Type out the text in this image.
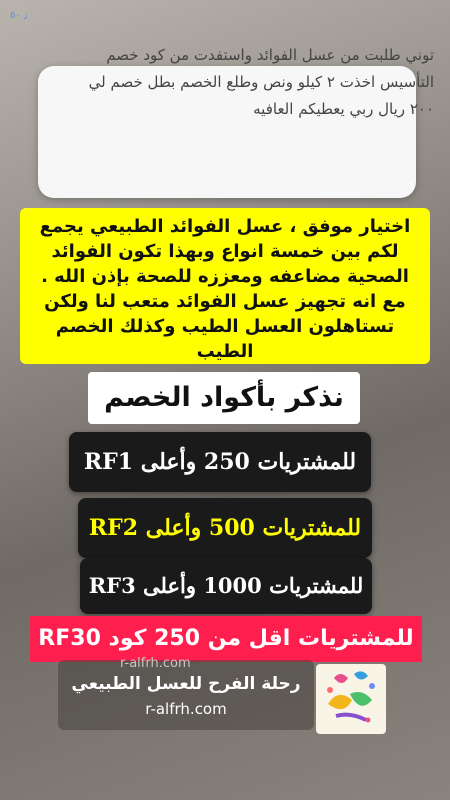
٫ ٥٠
توني طلبت من عسل الفوائد واستفدت من كود خصم التأسيس اخذت ٢ كيلو ونص وطلع الخصم بطل خصم لي ٢٠٠ ريال ربي يعطيكم العافيه
اختيار موفق ، عسل الفوائد الطبيعي يجمع لكم بين خمسة انواع وبهذا تكون الفوائد الصحية مضاعفه ومعززه للصحة بإذن الله . مع انه تجهيز عسل الفوائد متعب لنا ولكن تستاهلون العسل الطيب وكذلك الخصم الطيب
نذكر بأكواد الخصم
للمشتريات 250 وأعلى RF1
للمشتريات 500 وأعلى RF2
للمشتريات 1000 وأعلى RF3
للمشتريات اقل من 250 كود RF30
r-alfrh.com
رحلة الفرح للعسل الطبيعي
r-alfrh.com
